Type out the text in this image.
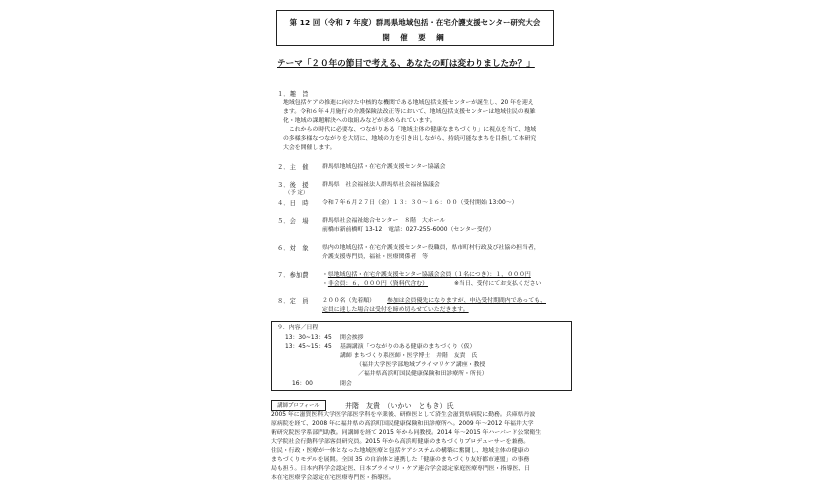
第 12 回（令和 7 年度）群馬県地域包括・在宅介護支援センター研究大会
開 催 要 綱
テーマ「２０年の節目で考える、あなたの町は変わりましたか？」
１．趣　旨
地域包括ケアの推進に向けた中核的な機関である地域包括支援センターが誕生し、20 年を迎え
ます。令和６年４月施行の介護保険法改正等において、地域包括支援センターは地域住民の複雑
化・地域の課題解決への取組みなどが求められています。
　これからの時代に必要な、つながりある「地域主体の健康なまちづくり」に視点を当て、地域
の多様多様なつながりを大切に、地域の力を引き出しながら、持続可能なまちを目指して本研究
大会を開催します。
２．主　催 群馬県地域包括・在宅介護支援センター協議会
３．後　援 群馬県　社会福祉法人群馬県社会福祉協議会
（予 定）
４．日　時 令和７年６月２７日（金）１３：３０～１６：００（受付開始 13:00～）
５．会　場 群馬県社会福祉総合センター　８階　大ホール
前橋市新前橋町 13-12　電話：027-255-6000（センター受付）
６．対　象 県内の地域包括・在宅介護支援センター役職員，県市町村行政及び社協の担当者，
介護支援専門員，福祉・医療関係者　等
７．参加費 ・県地域包括・在宅介護支援センター協議会会員（１名につき）：１，０００円
・非会員：６，０００円（資料代含む）	※当日、受付にてお支払ください
８．定　員 ２００名（先着順） 参加は会員優先になりますが、申込受付期間内であっても、
定員に達した場合は受付を締め切らせていただきます。
９．内容／日程
13：30~13：45 開会挨拶
13：45~15：45 基調講演「つながりのある健康のまちづくり（仮）
講師 まちづくり系医師・医学博士　井階　友貴　氏
（福井大学医学部地域プライマリケア講座・教授
／福井県高浜町国民健康保険和田診療所・所長）
16：00	閉会
講師プロフィール	井階　友貴　（いかい　ともき）氏
2005 年に滋賀医科大学医学部医学科を卒業後、研修医として済生会滋賀県病院に勤務。兵庫県丹波
原病院を経て、2008 年に福井県の高浜町国民健康保険和田診療所へ。2009 年～2012 年福井大学
術研究院医学系部門助教。同講師を経て 2015 年から同教授。2014 年～2015 年ハーバード公衆衛生
大学院社会行動科学部客員研究員。2015 年から高浜町健康のまちづくりプロデューサーを兼務。
住民・行政・医療が一体となった地域医療と包括ケアシステムの構築に奮闘し、地域主体の健康の
まちづくりモデルを展開。全国 35 の自治体と連携した「健康のまちづくり友好都市連盟」の事務
局も担う。日本内科学会認定医、日本プライマリ・ケア連合学会認定家庭医療専門医・指導医、日
本在宅医療学会認定在宅医療専門医・指導医。
